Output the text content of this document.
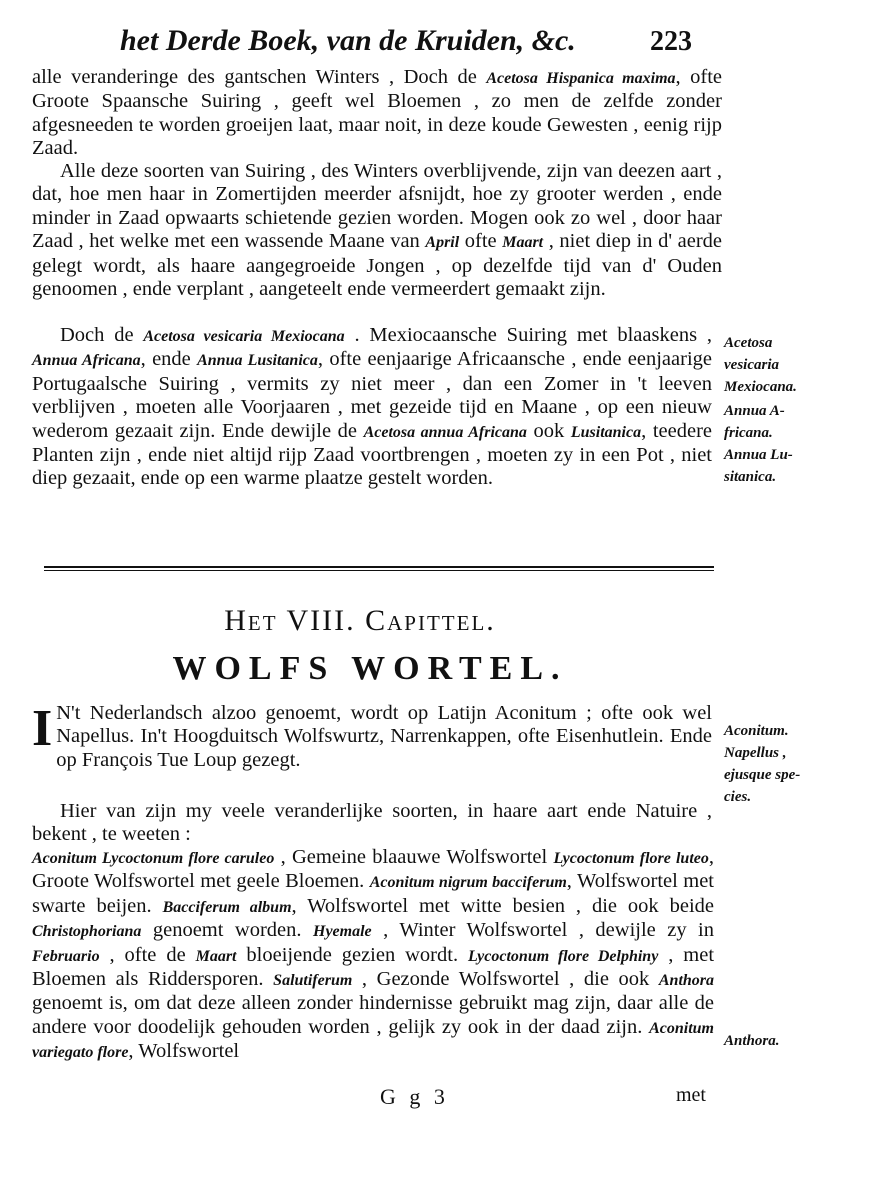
het Derde Boek, van de Kruiden, &c.	223

alle veranderinge des gantschen Winters , Doch de Acetosa Hispanica maxima, ofte Groote Spaansche Suiring , geeft wel Bloemen , zo men de zelfde zonder afgesneeden te worden groeijen laat, maar noit, in deze koude Gewesten , eenig rijp Zaad.

Alle deze soorten van Suiring , des Winters overblijvende, zijn van deezen aart , dat, hoe men haar in Zomertijden meerder afsnijdt, hoe zy grooter werden , ende minder in Zaad opwaarts schietende gezien worden. Mogen ook zo wel , door haar Zaad , het welke met een wassende Maane van April ofte Maart , niet diep in d' aerde gelegt wordt, als haare aangegroeide Jongen , op dezelfde tijd van d' Ouden genoomen , ende verplant , aangeteelt ende vermeerdert gemaakt zijn.

Doch de Acetosa vesicaria Mexiocana . Mexiocaansche Suiring met blaaskens , Annua Africana, ende Annua Lusitanica, ofte eenjaarige Africaansche , ende eenjaarige Portugaalsche Suiring , vermits zy niet meer , dan een Zomer in 't leeven verblijven , moeten alle Voorjaaren , met gezeide tijd en Maane , op een nieuw wederom gezaait zijn. Ende dewijle de Acetosa annua Africana ook Lusitanica, teedere Planten zijn , ende niet altijd rijp Zaad voortbrengen , moeten zy in een Pot , niet diep gezaait, ende op een warme plaatze gestelt worden.

Acetosa
vesicaria
Mexiocana.
Annua A-
fricana.
Annua Lu-
sitanica.
Het VIII. Capittel.
WOLFS WORTEL.

I N't Nederlandsch alzoo genoemt, wordt op Latijn Aconitum ; ofte ook wel Napellus. In't Hoogduitsch Wolfswurtz, Narrenkappen, ofte Eisenhutlein. Ende op François Tue Loup gezegt.

Aconitum.
Napellus ,
ejusque spe-
cies.

Hier van zijn my veele veranderlijke soorten, in haare aart ende Natuire , bekent , te weeten :

Aconitum Lycoctonum flore caruleo , Gemeine blaauwe Wolfswortel Lycoctonum flore luteo, Groote Wolfswortel met geele Bloemen. Aconitum nigrum bacciferum, Wolfswortel met swarte beijen. Bacciferum album, Wolfswortel met witte besien , die ook beide Christophoriana genoemt worden. Hyemale , Winter Wolfswortel , dewijle zy in Februario , ofte de Maart bloeijende gezien wordt. Lycoctonum flore Delphiny , met Bloemen als Riddersporen. Salutiferum , Gezonde Wolfswortel , die ook Anthora genoemt is, om dat deze alleen zonder hindernisse gebruikt mag zijn, daar alle de andere voor doodelijk gehouden worden , gelijk zy ook in der daad zijn. Aconitum variegato flore, Wolfswortel	Anthora.
G g 3	met
